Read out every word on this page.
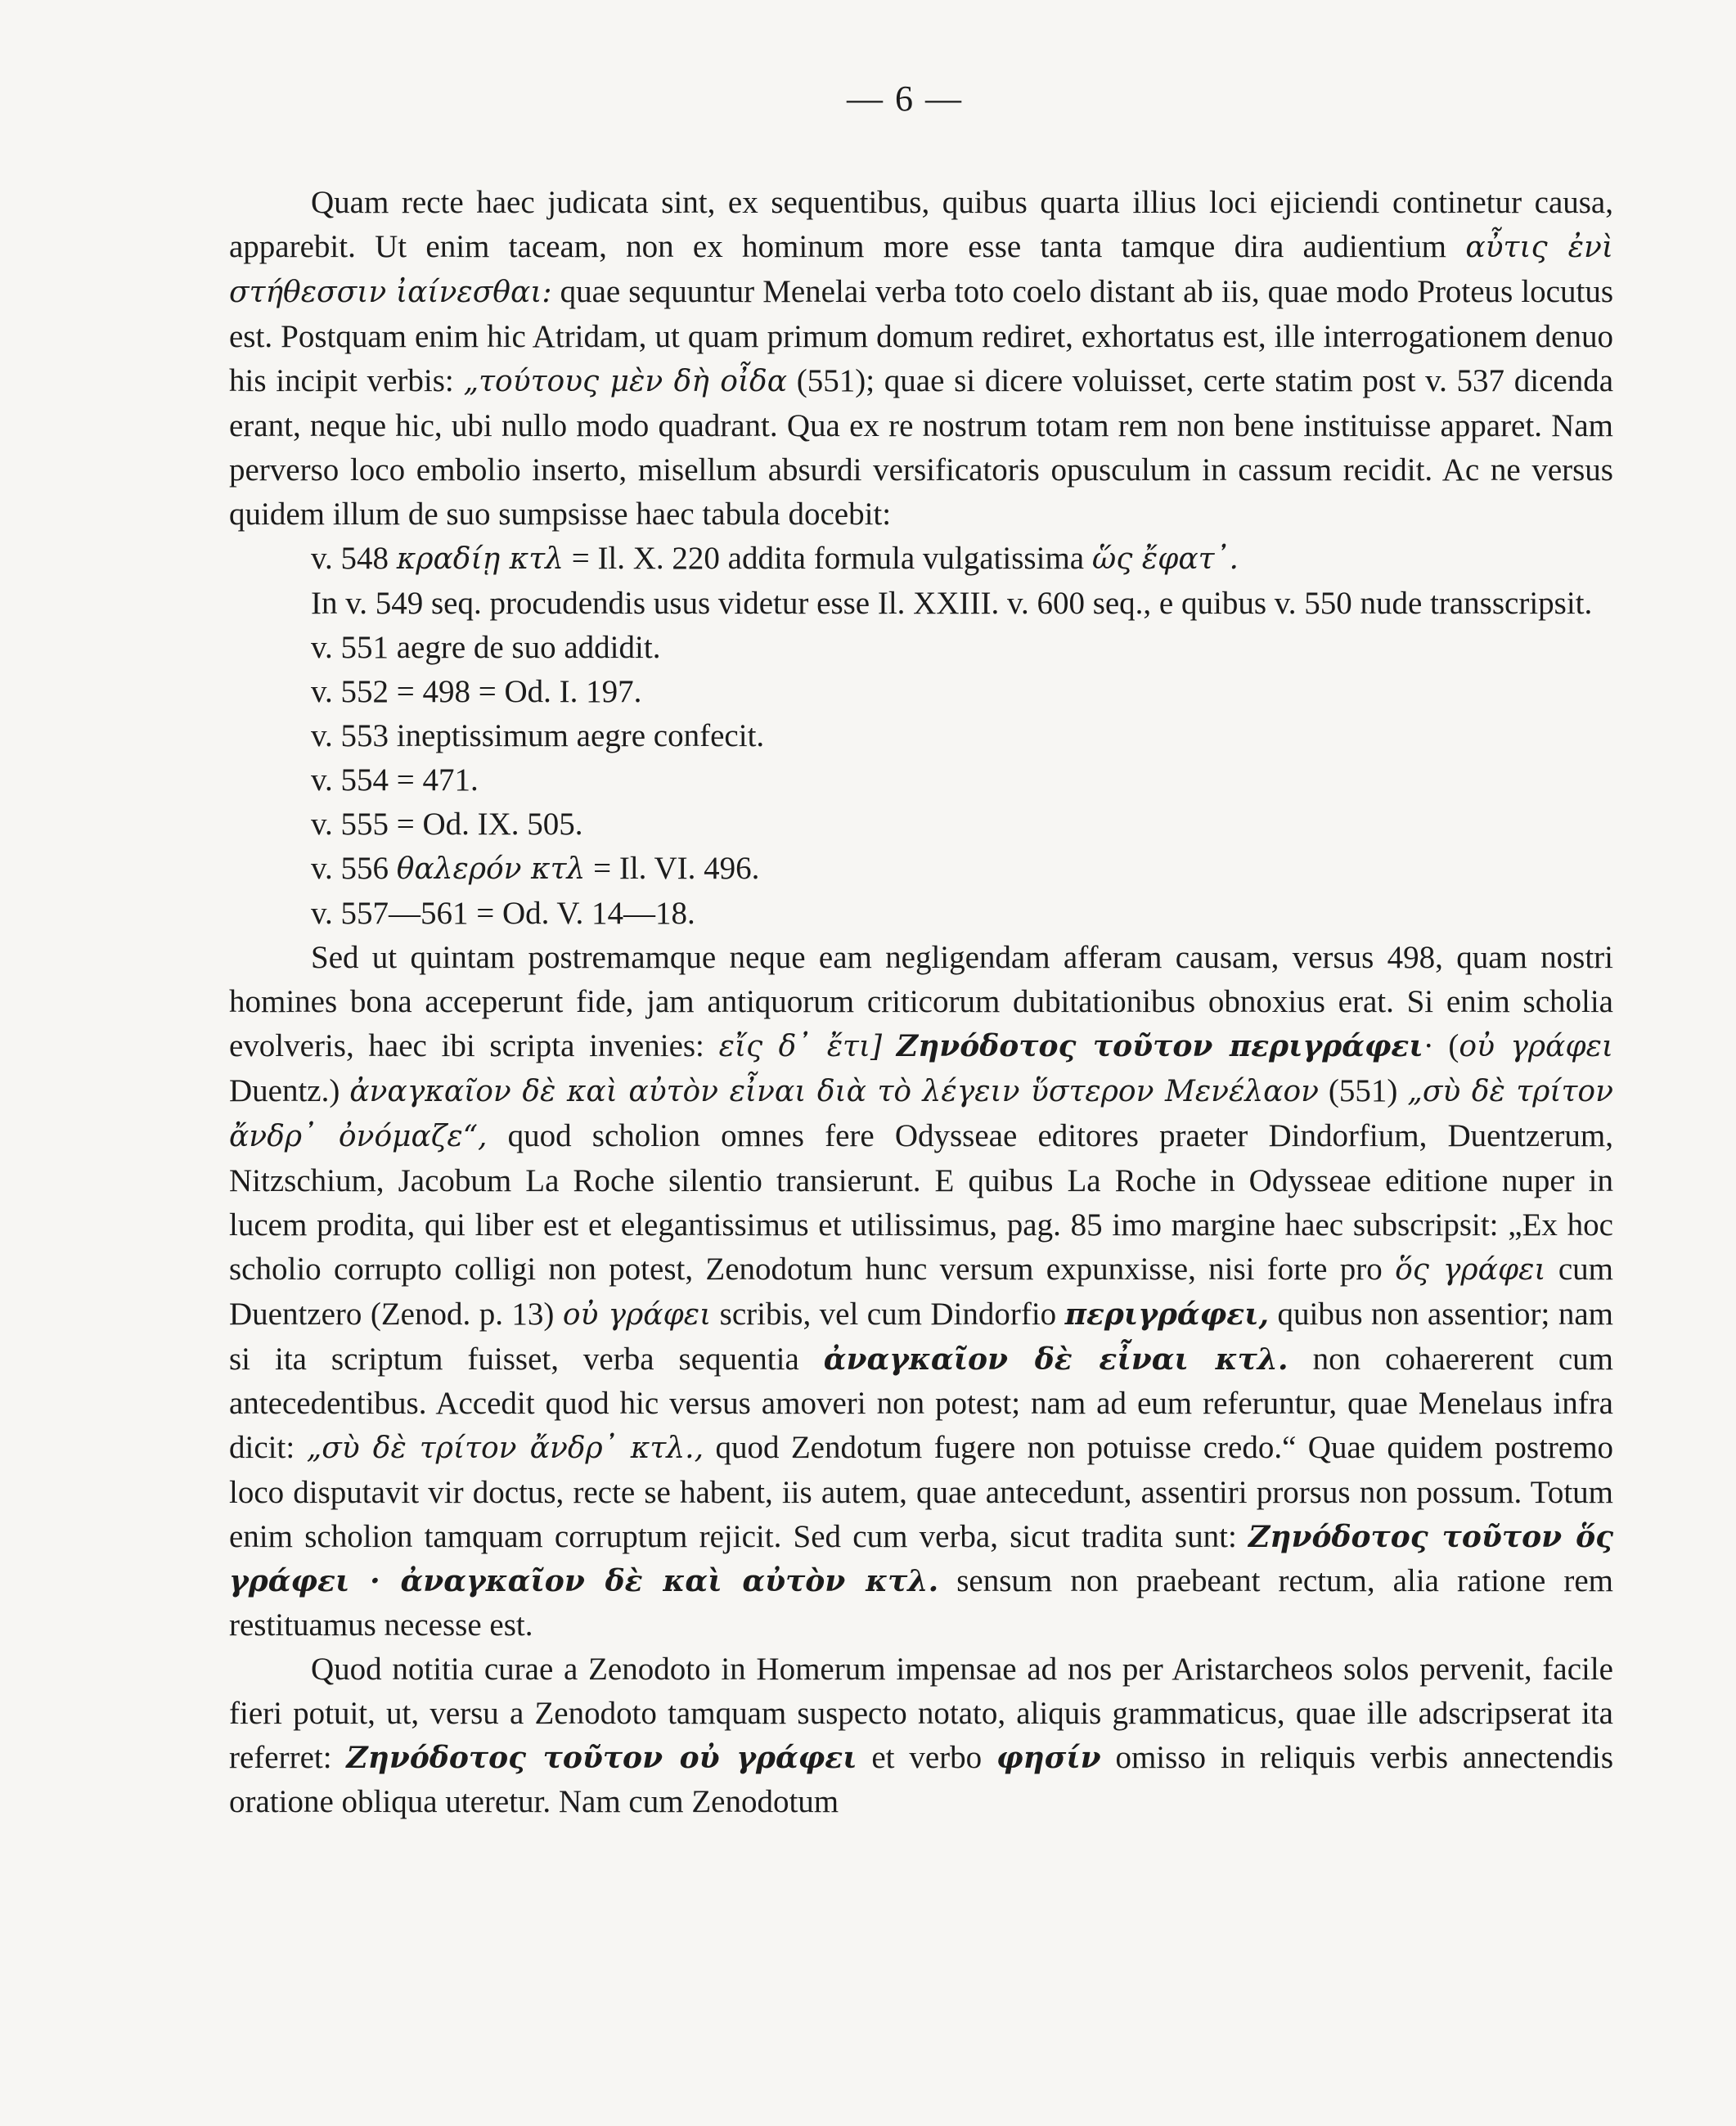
— 6 —

Quam recte haec judicata sint, ex sequentibus, quibus quarta illius loci ejiciendi continetur causa, apparebit. Ut enim taceam, non ex hominum more esse tanta tamque dira audientium αὖτις ἐνὶ στήθεσσιν ἰαίνεσθαι: quae sequuntur Menelai verba toto coelo distant ab iis, quae modo Proteus locutus est. Postquam enim hic Atridam, ut quam primum domum rediret, exhortatus est, ille interrogationem denuo his incipit verbis: „τούτους μὲν δὴ οἶδα (551); quae si dicere voluisset, certe statim post v. 537 dicenda erant, neque hic, ubi nullo modo quadrant. Qua ex re nostrum totam rem non bene instituisse apparet. Nam perverso loco embolio inserto, misellum absurdi versificatoris opusculum in cassum recidit. Ac ne versus quidem illum de suo sumpsisse haec tabula docebit:

v. 548 κραδίῃ κτλ = Il. X. 220 addita formula vulgatissima ὥς ἔφατ᾽.

In v. 549 seq. procudendis usus videtur esse Il. XXIII. v. 600 seq., e quibus v. 550 nude transscripsit.

v. 551 aegre de suo addidit.

v. 552 = 498 = Od. I. 197.

v. 553 ineptissimum aegre confecit.

v. 554 = 471.

v. 555 = Od. IX. 505.

v. 556 θαλερόν κτλ = Il. VI. 496.

v. 557—561 = Od. V. 14—18.

Sed ut quintam postremamque neque eam negligendam afferam causam, versus 498, quam nostri homines bona acceperunt fide, jam antiquorum criticorum dubitationibus obnoxius erat. Si enim scholia evolveris, haec ibi scripta invenies: εἴς δ᾽ ἔτι] Ζηνόδοτος τοῦτον περιγράφει· (οὐ γράφει Duentz.) ἀναγκαῖον δὲ καὶ αὐτὸν εἶναι διὰ τὸ λέγειν ὕστερον Μενέλαον (551) „σὺ δὲ τρίτον ἄνδρ᾽ ὀνόμαζε“, quod scholion omnes fere Odysseae editores praeter Dindorfium, Duentzerum, Nitzschium, Jacobum La Roche silentio transierunt. E quibus La Roche in Odysseae editione nuper in lucem prodita, qui liber est et elegantissimus et utilissimus, pag. 85 imo margine haec subscripsit: „Ex hoc scholio corrupto colligi non potest, Zenodotum hunc versum expunxisse, nisi forte pro ὅς γράφει cum Duentzero (Zenod. p. 13) οὐ γράφει scribis, vel cum Dindorfio περιγράφει, quibus non assentior; nam si ita scriptum fuisset, verba sequentia ἀναγκαῖον δὲ εἶναι κτλ. non cohaererent cum antecedentibus. Accedit quod hic versus amoveri non potest; nam ad eum referuntur, quae Menelaus infra dicit: „σὺ δὲ τρίτον ἄνδρ᾽ κτλ., quod Zendotum fugere non potuisse credo.“ Quae quidem postremo loco disputavit vir doctus, recte se habent, iis autem, quae antecedunt, assentiri prorsus non possum. Totum enim scholion tamquam corruptum rejicit. Sed cum verba, sicut tradita sunt: Ζηνόδοτος τοῦτον ὅς γράφει · ἀναγκαῖον δὲ καὶ αὐτὸν κτλ. sensum non praebeant rectum, alia ratione rem restituamus necesse est.

Quod notitia curae a Zenodoto in Homerum impensae ad nos per Aristarcheos solos pervenit, facile fieri potuit, ut, versu a Zenodoto tamquam suspecto notato, aliquis grammaticus, quae ille adscripserat ita referret: Ζηνόδοτος τοῦτον οὐ γράφει et verbo φησίν omisso in reliquis verbis annectendis oratione obliqua uteretur. Nam cum Zenodotum
